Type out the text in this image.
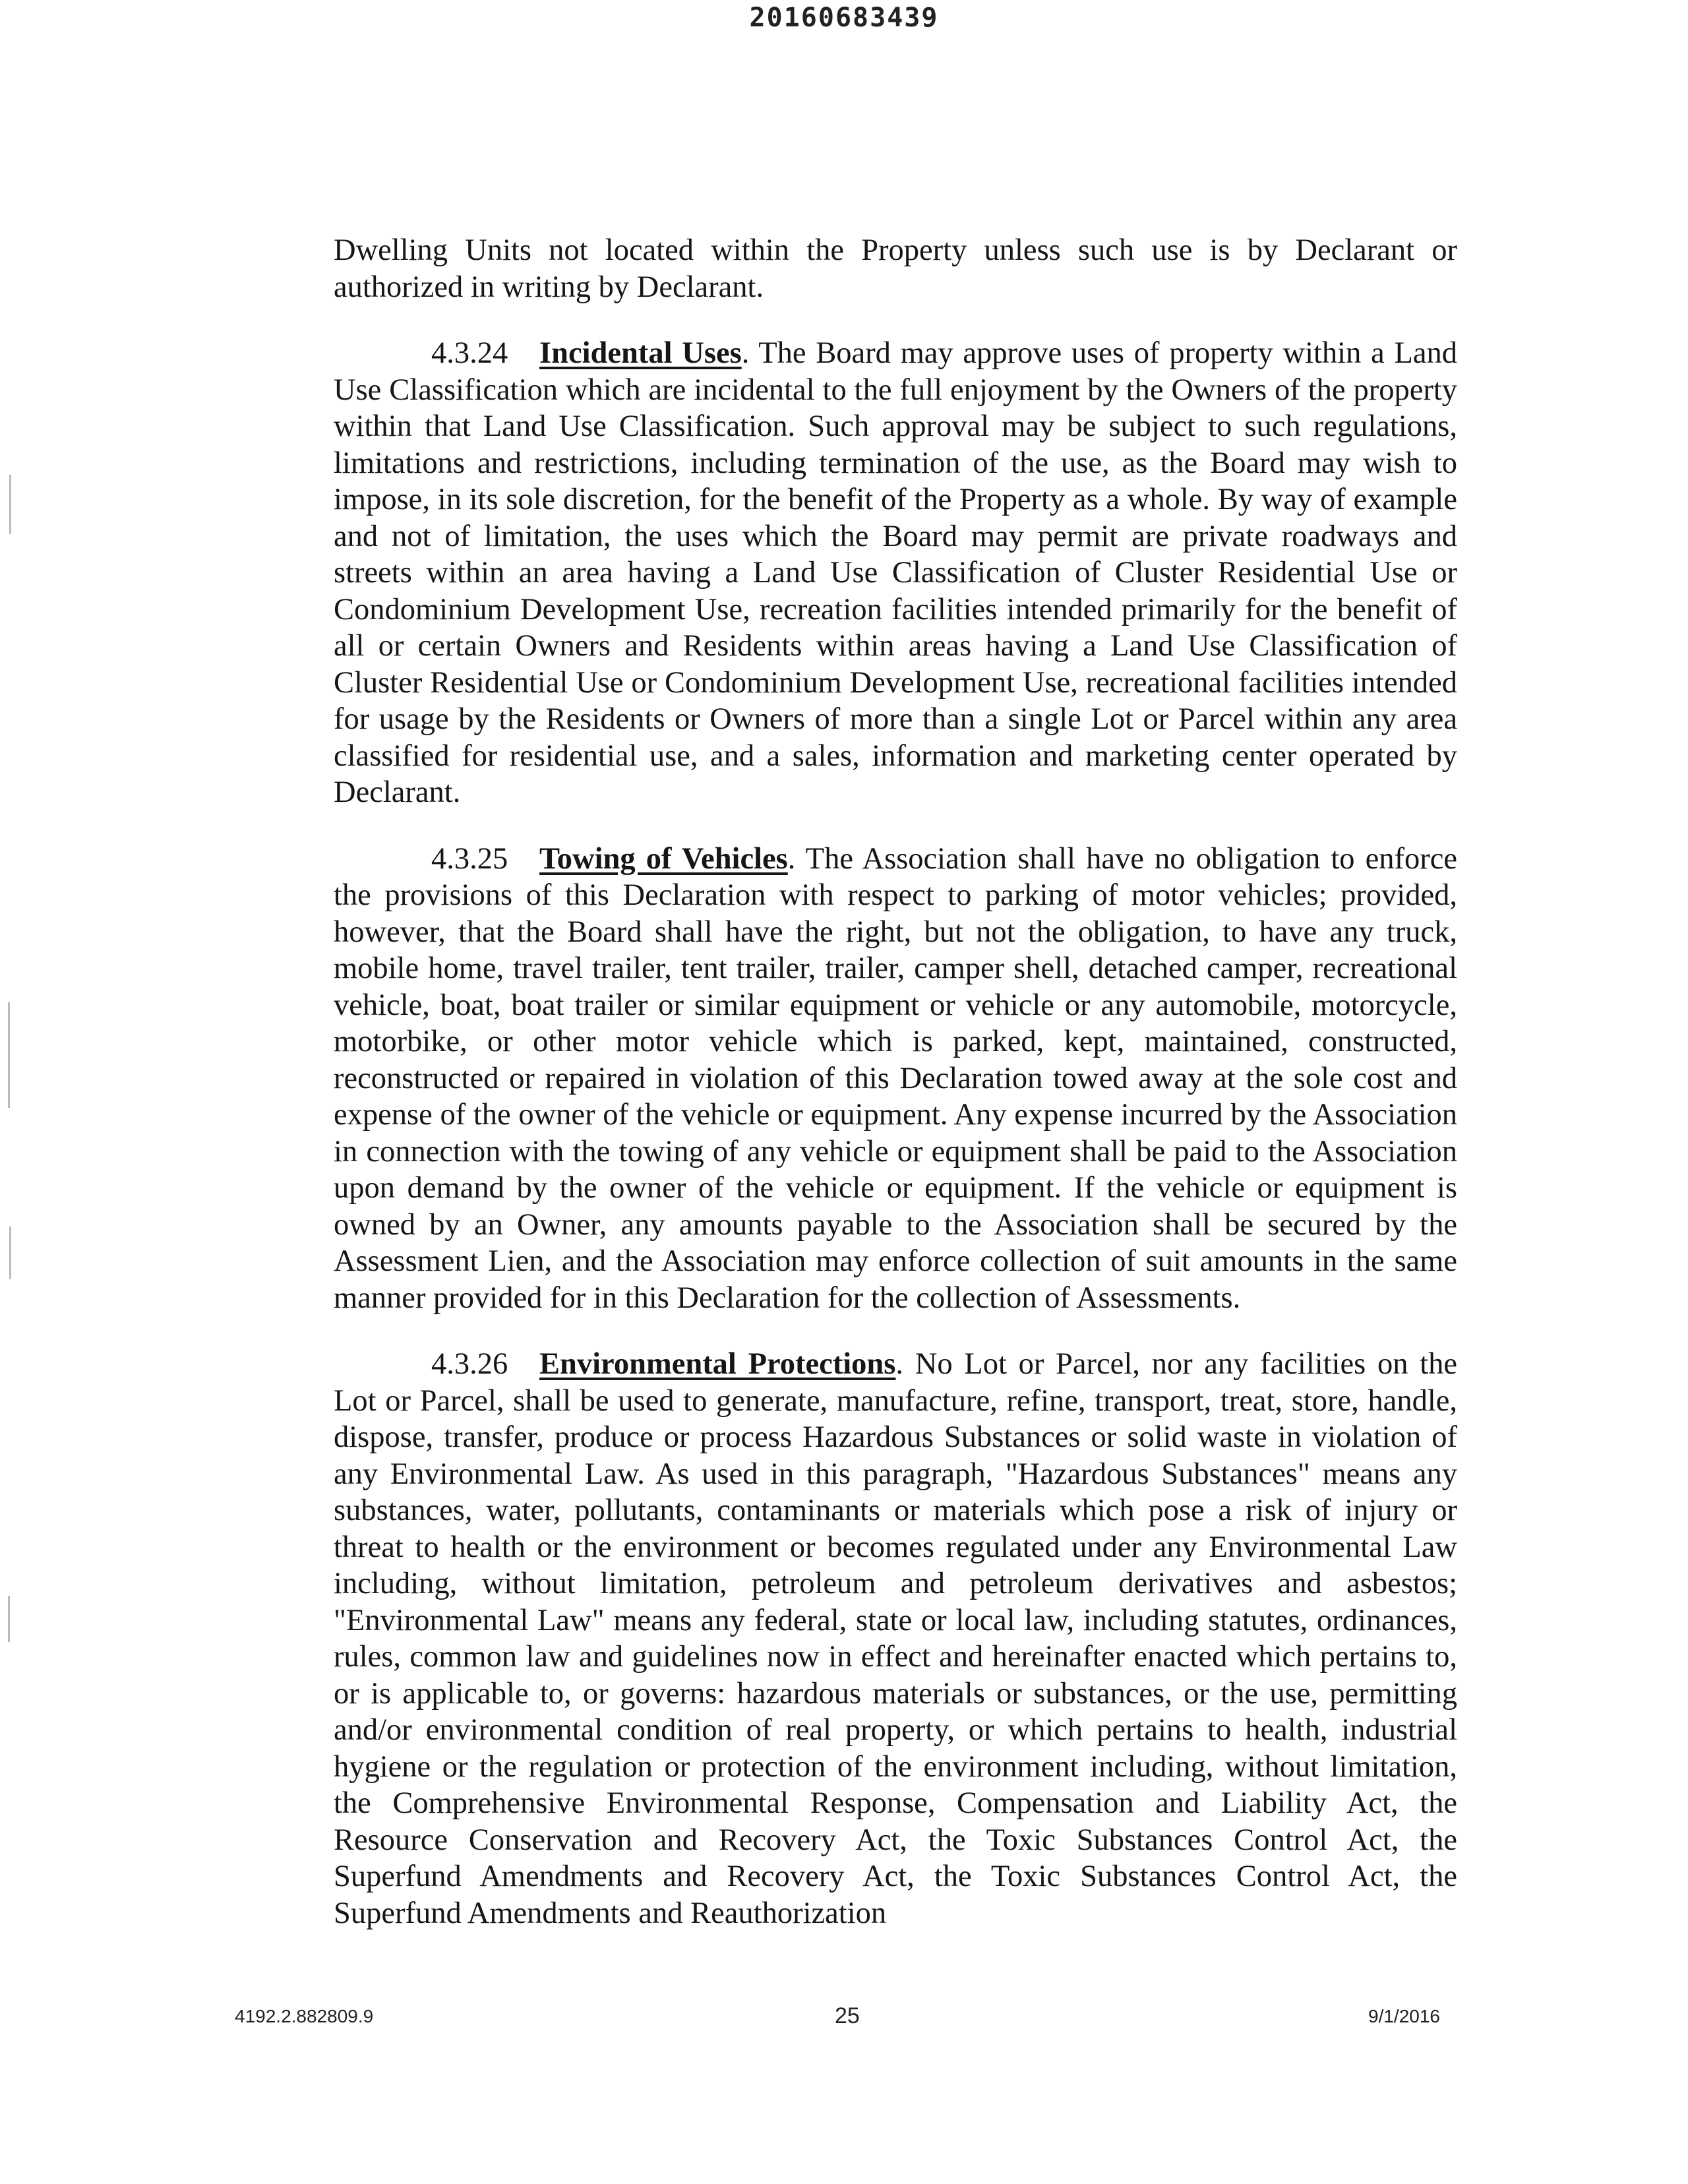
20160683439

Dwelling Units not located within the Property unless such use is by Declarant or authorized in writing by Declarant.

4.3.24 Incidental Uses. The Board may approve uses of property within a Land Use Classification which are incidental to the full enjoyment by the Owners of the property within that Land Use Classification. Such approval may be subject to such regulations, limitations and restrictions, including termination of the use, as the Board may wish to impose, in its sole discretion, for the benefit of the Property as a whole. By way of example and not of limitation, the uses which the Board may permit are private roadways and streets within an area having a Land Use Classification of Cluster Residential Use or Condominium Development Use, recreation facilities intended primarily for the benefit of all or certain Owners and Residents within areas having a Land Use Classification of Cluster Residential Use or Condominium Development Use, recreational facilities intended for usage by the Residents or Owners of more than a single Lot or Parcel within any area classified for residential use, and a sales, information and marketing center operated by Declarant.

4.3.25 Towing of Vehicles. The Association shall have no obligation to enforce the provisions of this Declaration with respect to parking of motor vehicles; provided, however, that the Board shall have the right, but not the obligation, to have any truck, mobile home, travel trailer, tent trailer, trailer, camper shell, detached camper, recreational vehicle, boat, boat trailer or similar equipment or vehicle or any automobile, motorcycle, motorbike, or other motor vehicle which is parked, kept, maintained, constructed, reconstructed or repaired in violation of this Declaration towed away at the sole cost and expense of the owner of the vehicle or equipment. Any expense incurred by the Association in connection with the towing of any vehicle or equipment shall be paid to the Association upon demand by the owner of the vehicle or equipment. If the vehicle or equipment is owned by an Owner, any amounts payable to the Association shall be secured by the Assessment Lien, and the Association may enforce collection of suit amounts in the same manner provided for in this Declaration for the collection of Assessments.

4.3.26 Environmental Protections. No Lot or Parcel, nor any facilities on the Lot or Parcel, shall be used to generate, manufacture, refine, transport, treat, store, handle, dispose, transfer, produce or process Hazardous Substances or solid waste in violation of any Environmental Law. As used in this paragraph, "Hazardous Substances" means any substances, water, pollutants, contaminants or materials which pose a risk of injury or threat to health or the environment or becomes regulated under any Environmental Law including, without limitation, petroleum and petroleum derivatives and asbestos; "Environmental Law" means any federal, state or local law, including statutes, ordinances, rules, common law and guidelines now in effect and hereinafter enacted which pertains to, or is applicable to, or governs: hazardous materials or substances, or the use, permitting and/or environmental condition of real property, or which pertains to health, industrial hygiene or the regulation or protection of the environment including, without limitation, the Comprehensive Environmental Response, Compensation and Liability Act, the Resource Conservation and Recovery Act, the Toxic Substances Control Act, the Superfund Amendments and Recovery Act, the Toxic Substances Control Act, the Superfund Amendments and Reauthorization

4192.2.882809.9	25	9/1/2016
